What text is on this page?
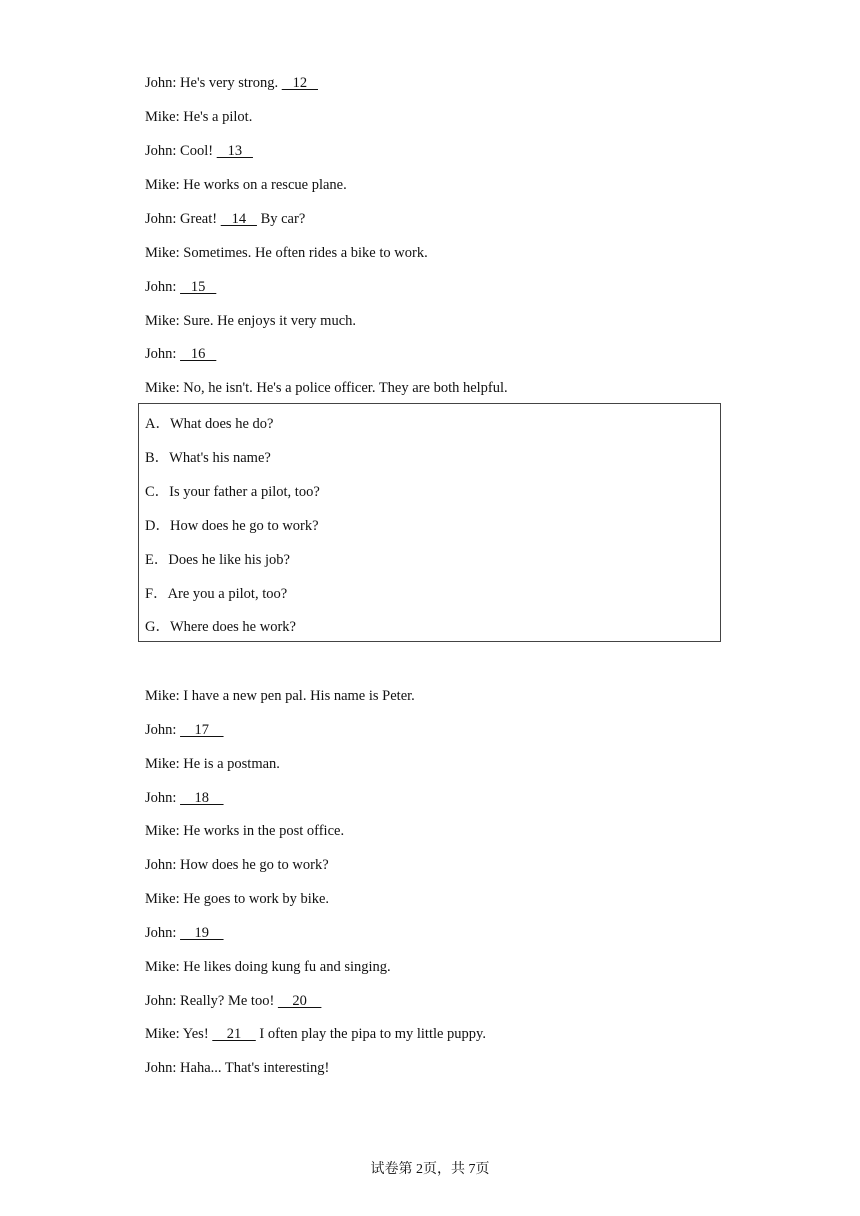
John: He's very strong.    12
Mike: He's a pilot.
John: Cool!    13
Mike: He works on a rescue plane.
John: Great!    14    By car?
Mike: Sometimes. He often rides a bike to work.
John:    15
Mike: Sure. He enjoys it very much.
John:    16
Mike: No, he isn't. He's a police officer. They are both helpful.
A．What does he do?
B．What's his name?
C．Is your father a pilot, too?
D．How does he go to work?
E．Does he like his job?
F．Are you a pilot, too?
G．Where does he work?
Mike: I have a new pen pal. His name is Peter.
John:     17
Mike: He is a postman.
John:     18
Mike: He works in the post office.
John: How does he go to work?
Mike: He goes to work by bike.
John:     19
Mike: He likes doing kung fu and singing.
John: Really? Me too!     20
Mike: Yes!     21     I often play the pipa to my little puppy.
John: Haha... That's interesting!
试卷第 2页，共 7页
